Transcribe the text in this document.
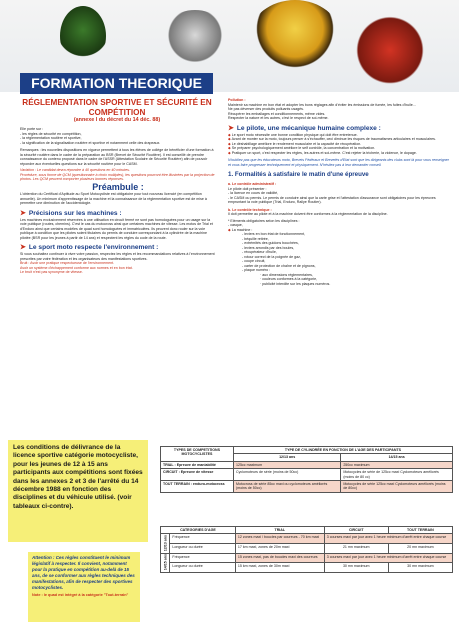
FORMATION THEORIQUE
RÉGLEMENTATION SPORTIVE ET SÉCURITÉ EN COMPÉTITION
(annexe I du décret du 14 déc. 88)

Elle porte sur :

- les règles de sécurité en compétition,

- la réglementation routière et sportive,

- la signification de la signalisation routière et sportive et notamment celle des drapeaux.

Remarques : les nouvelles dispositions en vigueur permettent à tous les élèves de collège de bénéficier d'une formation à la sécurité routière dans le cadre de la préparation au BSR (Brevet de Sécurité Routière). Il est conseillé de prendre connaissance du contenu proposé dans le cadre de l'ASSR (Attestation Scolaire de Sécurité Routière) afin de pouvoir répondre aux éventuelles questions sur la sécurité routière pour le CASM.

Variation : Le candidat devra répondre à 40 questions en 40 minutes.

Procédure, sous forme de QCM (questionnaire à choix multiples), les questions pourront être illustrées par la projection de photos. Les QCM peuvent comporter plusieurs bonnes réponses.

Préambule :

L'obtention du Certificat d'Aptitude au Sport Motocycliste est obligatoire pour tout nouveau licencié (en compétition annuelle). Un minimum d'apprentissage de la machine et la connaissance de la réglementation sportive est de mise à permettre une diminution de l'accidentologie.

➤ Précisions sur les machines :

Les machines exclusivement réservées à une utilisation en circuit fermé ne sont pas homologuées pour un usage sur la voie publique (routes, chemins). C'est le cas du motocross ainsi que certaines machines de vitesse. Les motos de Trial et d'Enduro ainsi que certains modèles de quad sont homologuées et immatriculées. Ils peuvent donc rouler sur la voie publique à condition que les pilotes soient titulaires du permis de conduire correspondant à la cylindrée de la machine pilotée (BSR pour les jeunes à partir de 14 ans) et respectent les règles du code de la route.

➤ Le sport moto respecte l'environnement :

Si vous souhaitez continuer à vivre votre passion, respectez les règles et les recommandations relatives à l'environnement prescrites par votre fédération et les organisateurs des manifestations sportives.

Bruit : Avoir une pratique respectueuse de l'environnement.

Avoir un système d'échappement conforme aux normes et en bon état.

Le bruit n'est pas synonyme de vitesse.

Pollution :

Maintenir sa machine en bon état et adopter les bons réglages afin d'éviter les émissions de fumée, les fuites d'huile...

Ne pas déverser des produits polluants usagés.

Récupérer les emballages et conditionnements, même vides.

Respecter la nature et les autres, c'est le respect de soi-même.

➤ Le pilote, une mécanique humaine complexe :

◆ Le sport moto nécessite une bonne condition physique qui doit être entretenue.

◆ Avant de monter sur la moto, toujours penser à s'échauffer, ceci diminue les risques de traumatismes articulaires et musculaires.

◆ Le déshabillage améliore le rendement musculaire et la capacité de récupération.

◆ Se préparer psychologiquement améliore le self contrôle, la concentration et la motivation.

◆ Pratiquer un sport, c'est respecter les règles, les autres et soi-même. C'est rejeter la tricherie, la violence, le dopage.

N'oubliez pas que les éducateurs moto, Brevets Fédéraux et Brevetés d'Etat sont que les dirigeants des clubs sont là pour vous renseigner et vous faire progresser techniquement et physiquement. N'hésitez pas à leur demander conseil.

1. Formalités à satisfaire le matin d'une épreuve

a. Le contrôle administratif :

Le pilote doit présenter :

- la licence en cours de validité,

- le CASM ou permis. Le permis de conduire ainsi que la carte grise et l'attestation d'assurance sont obligatoires pour les épreuves empruntant la voie publique (Trial, Enduro, Rallye Routier).

b. Le contrôle technique :

Il doit permettre au pilote et à la machine doivent être conformes à la réglementation de la discipline.

* Eléments obligatoires selon les disciplines :

- casque,

◆ La machine :

- leviers en bon état de fonctionnement,

- béquille retirée,

- extrémités des guidons bouchées,

- leviers arrondis par des boules,

- récupérateur d'huile,

- rotour correct de la poignée de gaz,

- coupe circuit,

- carter de protection de chaîne et de pignons,

- plaque numéro :

· aux dimensions réglementaires,

· couleurs conformes à la catégorie,

· publicité interdite sur les plaques numéros.

Les conditions de délivrance de la licence sportive catégorie motocycliste, pour les jeunes de 12 à 15 ans participants aux compétitions sont fixées dans les annexes 2 et 3 de l'arrêté du 14 décembre 1988 en fonction des disciplines et du véhicule utilisé. (voir tableaux ci-contre).
Attention : Ces règles constituent le minimum législatif à respecter. Il convient, notamment pour la pratique en compétition au-delà de 15 ans, de se conformer aux règles techniques des manifestations, afin de respecter des sportives motocyclistes.
Note : le quad est intégré à la catégorie "Tout-terrain"
TYPES DE COMPETITIONS MOTOCYCLISTES	TYPE DE CYLINDRÉE EN FONCTION DE L'AGE DES PARTICIPANTS	
	12/13 ans	14/15 ans
TRIAL : Epreuve de maniabilité	125cc maximum	250cc maximum
CIRCUIT : Epreuve de vitesse	Cyclomoteurs de série (moins de 50cc)	Motocycles de série de 125cc maxi Cyclomoteurs améliorés (moins de 80 cc)
TOUT TERRAIN : enduro-motocross	Motocross de série 85cc maxi ou cyclomoteurs améliorés (moins de 50cc)	Motocycles de série 125cc maxi Cyclomoteurs améliorés (moins de 80cc)
CATEGORIES D'AGE		TRIAL	CIRCUIT	TOUT TERRAIN
12/13 ans	Fréquence	12 zones maxi / boucles par coureurs - 70 km maxi	3 courses maxi par jour avec 1 heure minimum d'arrêt entre chaque course	
	Longueur ou durée	17 km maxi, zones de 20m maxi	21 mn maximum	20 mn maximum
14/15 ans	Fréquence	15 zones maxi, pas de boucles maxi des coureurs	3 courses maxi par jour avec 1 heure minimum d'arrêt entre chaque course	
	Longueur ou durée	15 km maxi, zones de 30m maxi	30 mn maximum	30 mn maximum
